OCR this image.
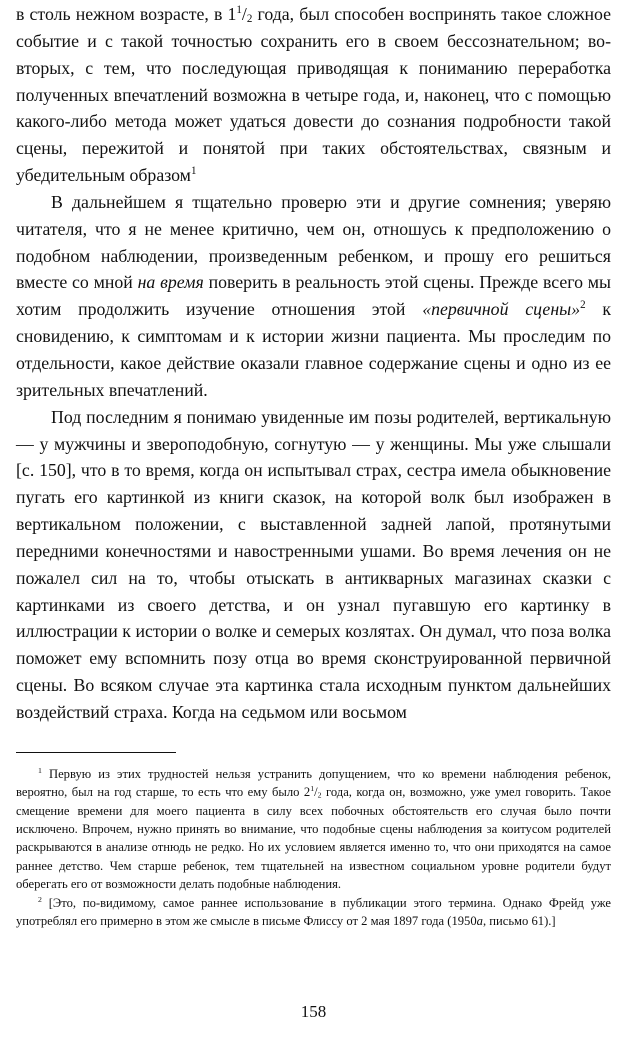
в столь нежном возрасте, в $1^1/_2$ года, был способен воспринять такое сложное событие и с такой точностью сохранить его в своем бессознательном; во-вторых, с тем, что последующая приводящая к пониманию переработка полученных впечатлений возможна в четыре года, и, наконец, что с помощью какого-либо метода может удаться довести до сознания подробности такой сцены, пережитой и понятой при таких обстоятельствах, связным и убедительным образом$^1$

В дальнейшем я тщательно проверю эти и другие сомнения; уверяю читателя, что я не менее критично, чем он, отношусь к предположению о подобном наблюдении, произведенным ребенком, и прошу его решиться вместе со мной на время поверить в реальность этой сцены. Прежде всего мы хотим продолжить изучение отношения этой «первичной сцены»$^2$ к сновидению, к симптомам и к истории жизни пациента. Мы проследим по отдельности, какое действие оказали главное содержание сцены и одно из ее зрительных впечатлений.

Под последним я понимаю увиденные им позы родителей, вертикальную — у мужчины и звероподобную, согнутую — у женщины. Мы уже слышали [с. 150], что в то время, когда он испытывал страх, сестра имела обыкновение пугать его картинкой из книги сказок, на которой волк был изображен в вертикальном положении, с выставленной задней лапой, протянутыми передними конечностями и навостренными ушами. Во время лечения он не пожалел сил на то, чтобы отыскать в антикварных магазинах сказки с картинками из своего детства, и он узнал пугавшую его картинку в иллюстрации к истории о волке и семерых козлятах. Он думал, что поза волка поможет ему вспомнить позу отца во время сконструированной первичной сцены. Во всяком случае эта картинка стала исходным пунктом дальнейших воздействий страха. Когда на седьмом или восьмом

$^1$ Первую из этих трудностей нельзя устранить допущением, что ко времени наблюдения ребенок, вероятно, был на год старше, то есть что ему было $2^1/_2$ года, когда он, возможно, уже умел говорить. Такое смещение времени для моего пациента в силу всех побочных обстоятельств его случая было почти исключено. Впрочем, нужно принять во внимание, что подобные сцены наблюдения за коитусом родителей раскрываются в анализе отнюдь не редко. Но их условием является именно то, что они приходятся на самое раннее детство. Чем старше ребенок, тем тщательней на известном социальном уровне родители будут оберегать его от возможности делать подобные наблюдения.

$^2$ [Это, по-видимому, самое раннее использование в публикации этого термина. Однако Фрейд уже употреблял его примерно в этом же смысле в письме Флиссу от 2 мая 1897 года (1950a, письмо 61).]

158
